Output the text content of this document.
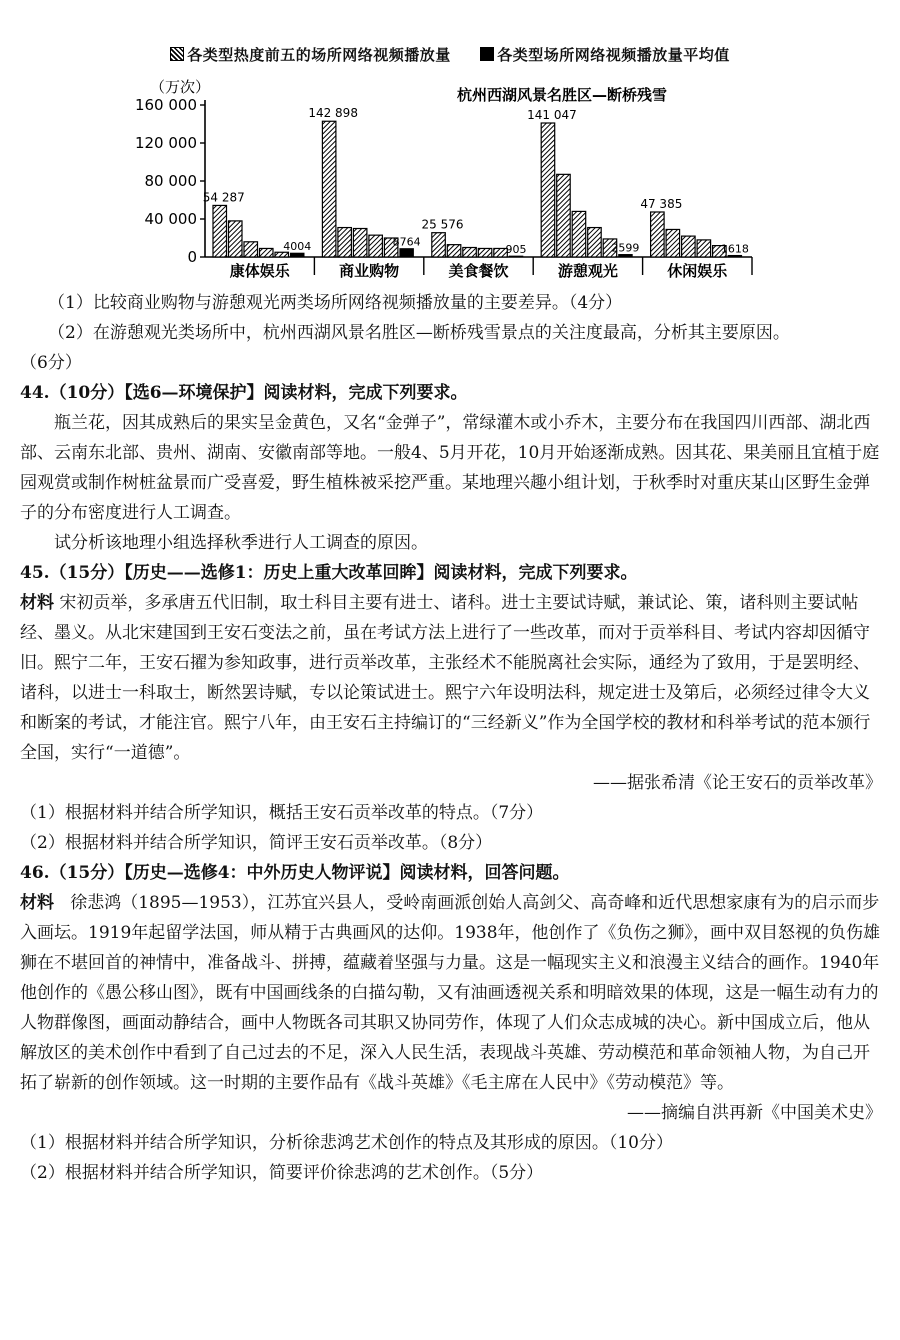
各类型热度前五的场所网络视频播放量	各类型场所网络视频播放量平均值
（万次）	杭州西湖风景名胜区—断桥残雪
0
40 000
80 000
120 000
160 000
54 287
4004
142 898
8764
25 576
905
141 047
2599
47 385
1618
康体娱乐	商业购物	美食餐饮	游憩观光	休闲娱乐

（1）比较商业购物与游憩观光两类场所网络视频播放量的主要差异。（4分）

（2）在游憩观光类场所中，杭州西湖风景名胜区—断桥残雪景点的关注度最高，分析其主要原因。

（6分）

44.（10分）【选6—环境保护】阅读材料，完成下列要求。

瓶兰花，因其成熟后的果实呈金黄色，又名“金弹子”，常绿灌木或小乔木，主要分布在我国四川西部、湖北西部、云南东北部、贵州、湖南、安徽南部等地。一般4、5月开花，10月开始逐渐成熟。因其花、果美丽且宜植于庭园观赏或制作树桩盆景而广受喜爱，野生植株被采挖严重。某地理兴趣小组计划，于秋季时对重庆某山区野生金弹子的分布密度进行人工调查。

试分析该地理小组选择秋季进行人工调查的原因。

45.（15分）【历史——选修1：历史上重大改革回眸】阅读材料，完成下列要求。

材料 宋初贡举，多承唐五代旧制，取士科目主要有进士、诸科。进士主要试诗赋，兼试论、策，诸科则主要试帖经、墨义。从北宋建国到王安石变法之前，虽在考试方法上进行了一些改革，而对于贡举科目、考试内容却因循守旧。熙宁二年，王安石擢为参知政事，进行贡举改革，主张经术不能脱离社会实际，通经为了致用，于是罢明经、诸科，以进士一科取士，断然罢诗赋，专以论策试进士。熙宁六年设明法科，规定进士及第后，必须经过律令大义和断案的考试，才能注官。熙宁八年，由王安石主持编订的“三经新义”作为全国学校的教材和科举考试的范本颁行全国，实行“一道德”。

——据张希清《论王安石的贡举改革》

（1）根据材料并结合所学知识，概括王安石贡举改革的特点。（7分）

（2）根据材料并结合所学知识，简评王安石贡举改革。（8分）

46.（15分）【历史—选修4：中外历史人物评说】阅读材料，回答问题。

材料 徐悲鸿（1895—1953），江苏宜兴县人，受岭南画派创始人高剑父、高奇峰和近代思想家康有为的启示而步入画坛。1919年起留学法国，师从精于古典画风的达仰。1938年，他创作了《负伤之狮》，画中双目怒视的负伤雄狮在不堪回首的神情中，准备战斗、拼搏，蕴藏着坚强与力量。这是一幅现实主义和浪漫主义结合的画作。1940年他创作的《愚公移山图》，既有中国画线条的白描勾勒，又有油画透视关系和明暗效果的体现，这是一幅生动有力的人物群像图，画面动静结合，画中人物既各司其职又协同劳作，体现了人们众志成城的决心。新中国成立后，他从解放区的美术创作中看到了自己过去的不足，深入人民生活，表现战斗英雄、劳动模范和革命领袖人物，为自己开拓了崭新的创作领域。这一时期的主要作品有《战斗英雄》《毛主席在人民中》《劳动模范》等。

——摘编自洪再新《中国美术史》

（1）根据材料并结合所学知识，分析徐悲鸿艺术创作的特点及其形成的原因。（10分）

（2）根据材料并结合所学知识，简要评价徐悲鸿的艺术创作。（5分）
